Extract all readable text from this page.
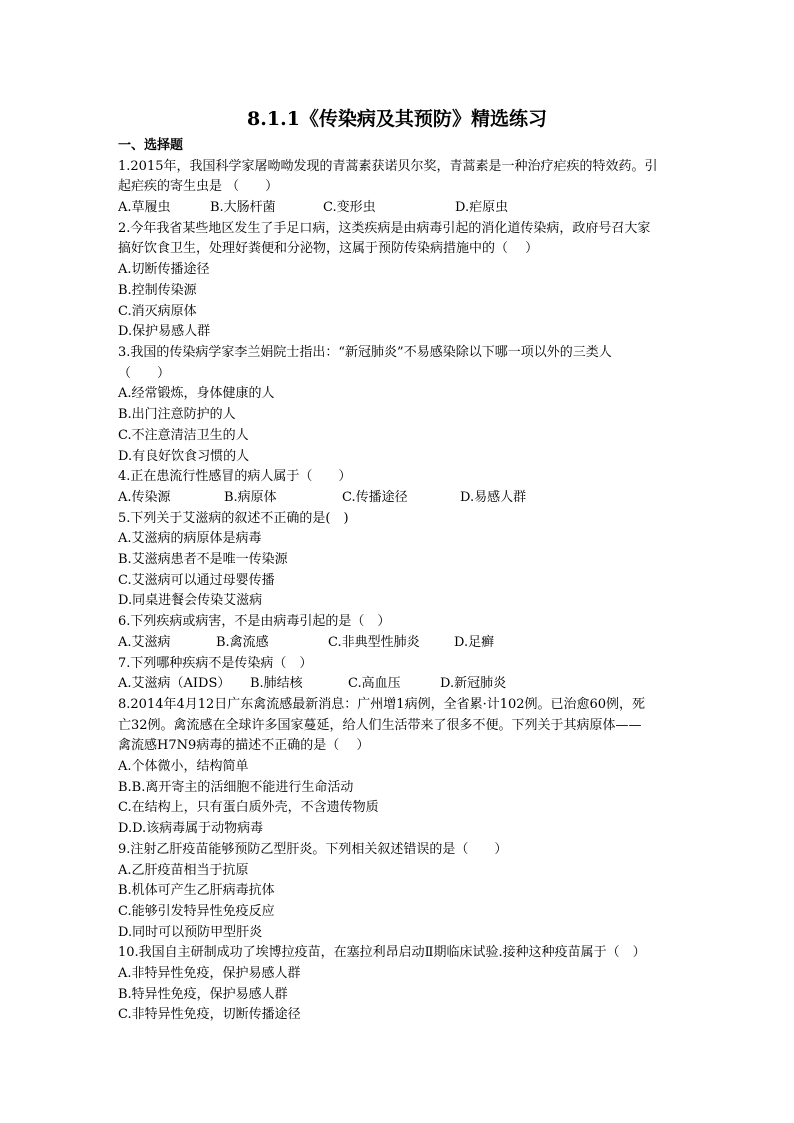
8.1.1《传染病及其预防》精选练习
一、选择题
1.2015年，我国科学家屠呦呦发现的青蒿素获诺贝尔奖，青蒿素是一种治疗疟疾的特效药。引
起疟疾的寄生虫是 （　　）
A.草履虫	B.大肠杆菌	C.变形虫	D.疟原虫
2.今年我省某些地区发生了手足口病，这类疾病是由病毒引起的消化道传染病，政府号召大家
搞好饮食卫生，处理好粪便和分泌物，这属于预防传染病措施中的（　 ）
A.切断传播途径
B.控制传染源
C.消灭病原体
D.保护易感人群
3.我国的传染病学家李兰娟院士指出：“新冠肺炎”不易感染除以下哪一项以外的三类人
（　　）
A.经常锻炼，身体健康的人
B.出门注意防护的人
C.不注意清洁卫生的人
D.有良好饮食习惯的人
4.正在患流行性感冒的病人属于（　　）
A.传染源	B.病原体	C.传播途径	D.易感人群
5.下列关于艾滋病的叙述不正确的是(　)
A.艾滋病的病原体是病毒
B.艾滋病患者不是唯一传染源
C.艾滋病可以通过母婴传播
D.同桌进餐会传染艾滋病
6.下列疾病或病害，不是由病毒引起的是（　）
A.艾滋病	B.禽流感	C.非典型性肺炎	D.足癣
7.下列哪种疾病不是传染病（　）
A.艾滋病（AIDS）	B.肺结核	C.高血压	D.新冠肺炎
8.2014年4月12日广东禽流感最新消息：广州增1病例，全省累·计102例。已治愈60例，死
亡32例。禽流感在全球许多国家蔓延，给人们生活带来了很多不便。下列关于其病原体——
禽流感H7N9病毒的描述不正确的是（　 ）
A.个体微小，结构简单
B.B.离开寄主的活细胞不能进行生命活动
C.在结构上，只有蛋白质外壳，不含遗传物质
D.D.该病毒属于动物病毒
9.注射乙肝疫苗能够预防乙型肝炎。下列相关叙述错误的是（　　）
A.乙肝疫苗相当于抗原
B.机体可产生乙肝病毒抗体
C.能够引发特异性免疫反应
D.同时可以预防甲型肝炎
10.我国自主研制成功了埃博拉疫苗，在塞拉利昂启动Ⅱ期临床试验.接种这种疫苗属于（　）
A.非特异性免疫，保护易感人群
B.特异性免疫，保护易感人群
C.非特异性免疫，切断传播途径
